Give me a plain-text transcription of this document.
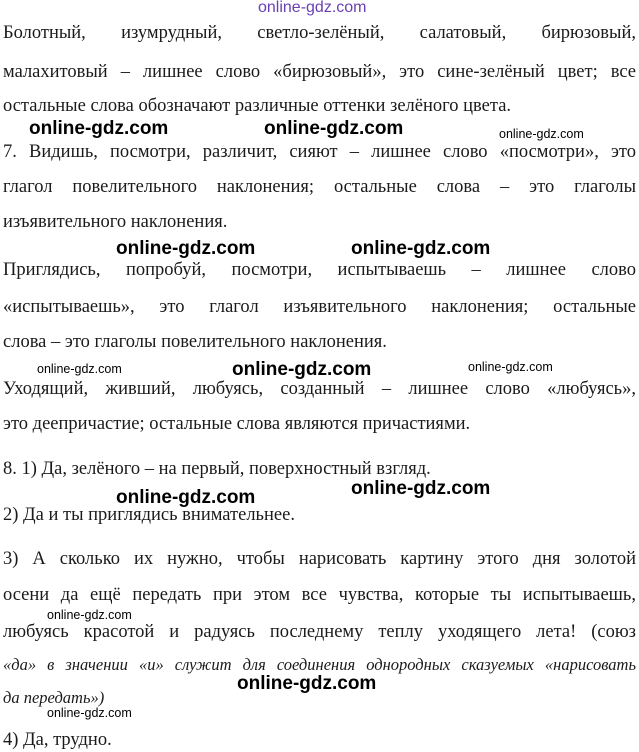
online-gdz.com
Болотный, изумрудный, светло-зелёный, салатовый, бирюзовый,
малахитовый – лишнее слово «бирюзовый», это сине-зелёный цвет; все
остальные слова обозначают различные оттенки зелёного цвета.
7. Видишь, посмотри, различит, сияют – лишнее слово «посмотри», это
глагол повелительного наклонения; остальные слова – это глаголы
изъявительного наклонения.
Приглядись, попробуй, посмотри, испытываешь – лишнее слово
«испытываешь», это глагол изъявительного наклонения; остальные
слова – это глаголы повелительного наклонения.
Уходящий, живший, любуясь, созданный – лишнее слово «любуясь»,
это деепричастие; остальные слова являются причастиями.
8. 1) Да, зелёного – на первый, поверхностный взгляд.
2) Да и ты приглядись внимательнее.
3) А сколько их нужно, чтобы нарисовать картину этого дня золотой
осени да ещё передать при этом все чувства, которые ты испытываешь,
любуясь красотой и радуясь последнему теплу уходящего лета! (союз
«да» в значении «и» служит для соединения однородных сказуемых «нарисовать
да передать»)
4) Да, трудно.
online-gdz.com	online-gdz.com	online-gdz.com
online-gdz.com	online-gdz.com
online-gdz.com	online-gdz.com	online-gdz.com
online-gdz.com	online-gdz.com
online-gdz.com
online-gdz.com
online-gdz.com
